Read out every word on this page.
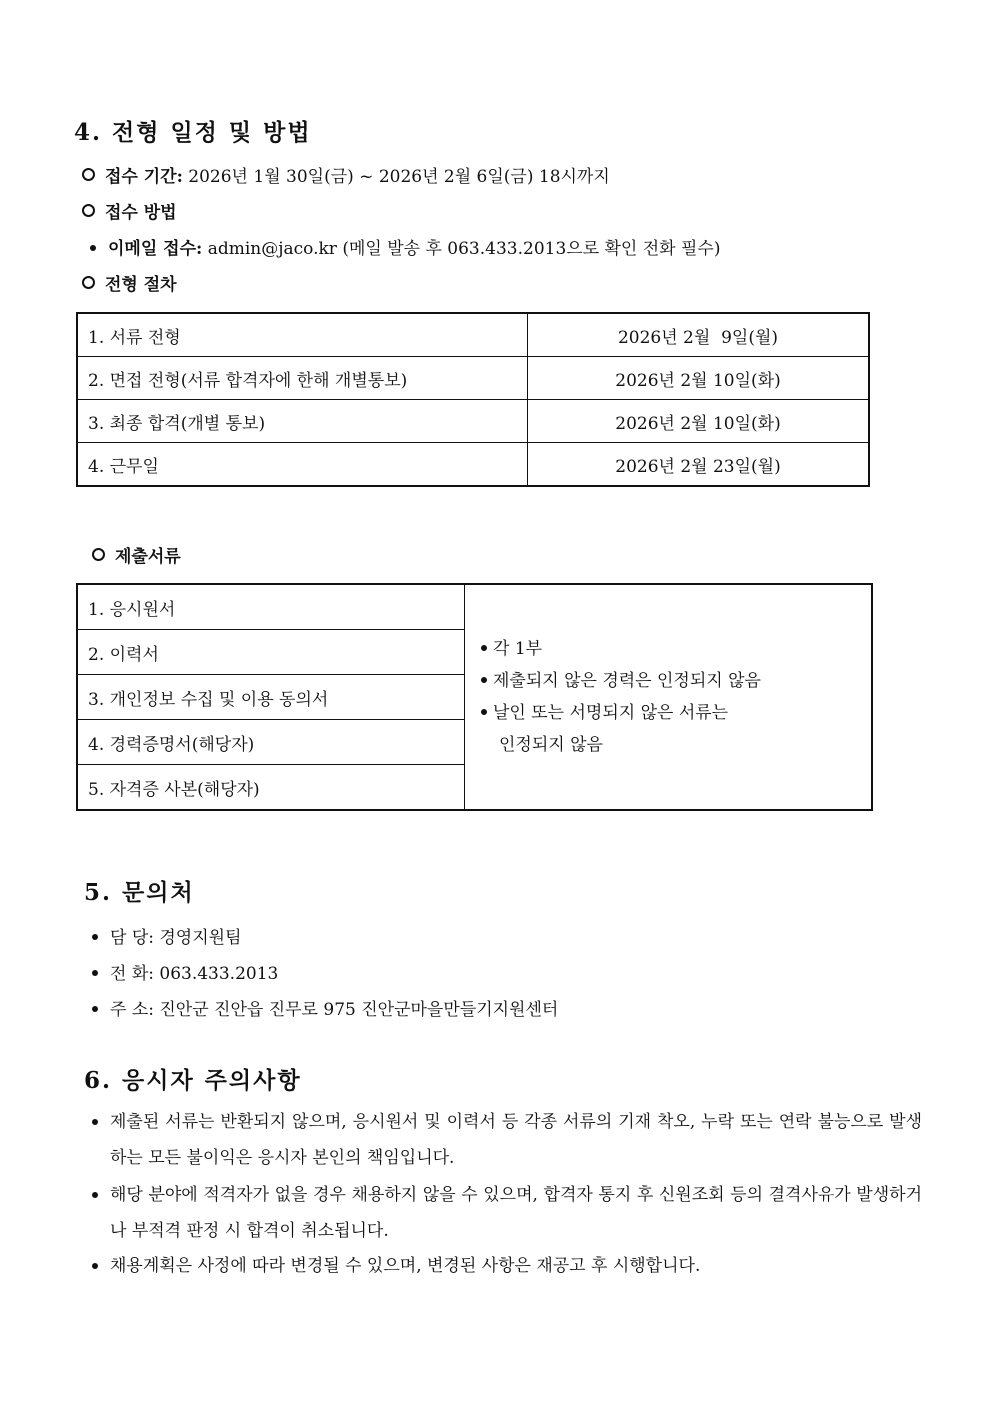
4. 전형 일정 및 방법
접수 기간: 2026년 1월 30일(금) ~ 2026년 2월 6일(금) 18시까지
접수 방법
이메일 접수: admin@jaco.kr (메일 발송 후 063.433.2013으로 확인 전화 필수)
전형 절차
1. 서류 전형	2026년 2월  9일(월)
2. 면접 전형(서류 합격자에 한해 개별통보)	2026년 2월 10일(화)
3. 최종 합격(개별 통보)	2026년 2월 10일(화)
4. 근무일	2026년 2월 23일(월)
제출서류
1. 응시원서	
각 1부
제출되지 않은 경력은 인정되지 않음
날인 또는 서명되지 않은 서류는
인정되지 않음

2. 이력서
3. 개인정보 수집 및 이용 동의서
4. 경력증명서(해당자)
5. 자격증 사본(해당자)
5. 문의처
담 당: 경영지원팀
전 화: 063.433.2013
주 소: 진안군 진안읍 진무로 975 진안군마을만들기지원센터
6. 응시자 주의사항
제출된 서류는 반환되지 않으며, 응시원서 및 이력서 등 각종 서류의 기재 착오, 누락 또는 연락 불능으로 발생하는 모든 불이익은 응시자 본인의 책임입니다.
해당 분야에 적격자가 없을 경우 채용하지 않을 수 있으며, 합격자 통지 후 신원조회 등의 결격사유가 발생하거나 부적격 판정 시 합격이 취소됩니다.
채용계획은 사정에 따라 변경될 수 있으며, 변경된 사항은 재공고 후 시행합니다.
